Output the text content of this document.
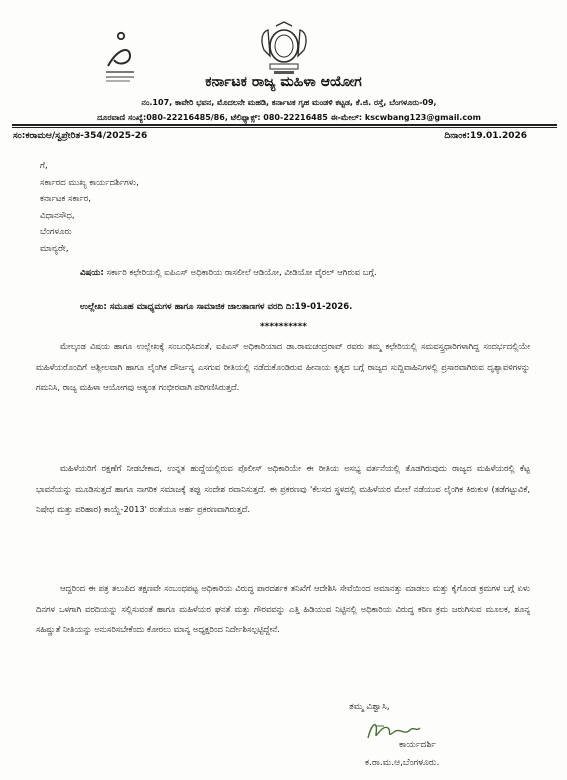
ಕರ್ನಾಟಕ ರಾಜ್ಯ ಮಹಿಳಾ ಆಯೋಗ
ನಂ.107, ಕಾವೇರಿ ಭವನ, ಮೊದಲನೇ ಮಹಡಿ, ಕರ್ನಾಟಕ ಗೃಹ ಮಂಡಳಿ ಕಟ್ಟಡ, ಕೆ.ಜಿ. ರಸ್ತೆ, ಬೆಂಗಳೂರು-09,
ದೂರವಾಣಿ ಸಂಖ್ಯೆ:080-22216485/86, ಟೆಲಿಫ್ಯಾಕ್ಸ್: 080-22216485 ಈ-ಮೇಲ್: kscwbang123@gmail.com
ಸಂ:ಕರಾಮಆ/ಸ್ವಪ್ರೇರಿತ-354/2025-26	ದಿನಾಂಕ:19.01.2026
ಗೆ,
ಸರ್ಕಾರದ ಮುಖ್ಯ ಕಾರ್ಯದರ್ಶಿಗಳು,
ಕರ್ನಾಟಕ ಸರ್ಕಾರ,
ವಿಧಾನಸೌಧ,
ಬೆಂಗಳೂರು
ಮಾನ್ಯರೇ,
ವಿಷಯ: ಸರ್ಕಾರಿ ಕಛೇರಿಯಲ್ಲಿ ಐಪಿಎಸ್ ಅಧಿಕಾರಿಯ ರಾಸಲೀಲೆ ಆಡಿಯೋ, ವೀಡಿಯೋ ವೈರಲ್ ಆಗಿರುವ ಬಗ್ಗೆ.
ಉಲ್ಲೇಖ: ಸಮೂಹ ಮಾಧ್ಯಮಗಳ ಹಾಗೂ ಸಾಮಾಜಿಕ ಜಾಲತಾಣಗಳ ವರದಿ ದಿ:19-01-2026.
**********
ಮೇಲ್ಕಂಡ ವಿಷಯ ಹಾಗೂ ಉಲ್ಲೇಖಕ್ಕೆ ಸಂಬಂಧಿಸಿದಂತೆ, ಐಪಿಎಸ್ ಅಧಿಕಾರಿಯಾದ ಡಾ.ರಾಮಚಂದ್ರರಾವ್ ರವರು ತಮ್ಮ ಕಛೇರಿಯಲ್ಲಿ ಸಮವಸ್ತ್ರಧಾರಿಗಳಾಗಿದ್ದ ಸಂದರ್ಭದಲ್ಲಿಯೇ ಮಹಿಳೆಯರೊಂದಿಗೆ ಅಶ್ಲೀಲವಾಗಿ ಹಾಗೂ ಲೈಂಗಿಕ ದೌರ್ಜನ್ಯ ಎಸಗುವ ರೀತಿಯಲ್ಲಿ ನಡೆದುಕೊಂಡಿರುವ ಹೀನಾಯ ಕೃತ್ಯದ ಬಗ್ಗೆ ರಾಜ್ಯದ ಸುದ್ದಿವಾಹಿನಿಗಳಲ್ಲಿ ಪ್ರಸಾರವಾಗಿರುವ ದೃಶ್ಯಾವಳಿಗಳನ್ನು ಗಮನಿಸಿ, ರಾಜ್ಯ ಮಹಿಳಾ ಆಯೋಗವು ಅತ್ಯಂತ ಗಂಭೀರವಾಗಿ ಪರಿಗಣಿಸಿರುತ್ತದೆ.
ಮಹಿಳೆಯರಿಗೆ ರಕ್ಷಣೆಗೆ ನೀಡಬೇಕಾದ, ಉನ್ನತ ಹುದ್ದೆಯಲ್ಲಿರುವ ಪೊಲೀಸ್ ಅಧಿಕಾರಿಯೇ ಈ ರೀತಿಯ ಅಸಭ್ಯ ವರ್ತನೆಯಲ್ಲಿ ತೊಡಗಿರುವುದು ರಾಜ್ಯದ ಮಹಿಳೆಯರಲ್ಲಿ ಕೆಟ್ಟ ಭಾವನೆಯನ್ನು ಮೂಡಿಸುತ್ತದೆ ಹಾಗೂ ನಾಗರಿಕ ಸಮಾಜಕ್ಕೆ ತಪ್ಪು ಸಂದೇಶ ರವಾನಿಸುತ್ತದೆ. ಈ ಪ್ರಕರಣವು 'ಕೆಲಸದ ಸ್ಥಳದಲ್ಲಿ ಮಹಿಳೆಯರ ಮೇಲೆ ನಡೆಯುವ ಲೈಂಗಿಕ ಕಿರುಕುಳ (ತಡೆಗಟ್ಟುವಿಕೆ, ನಿಷೇಧ ಮತ್ತು ಪರಿಹಾರ) ಕಾಯ್ದೆ-2013' ರಂತೆಯೂ ಅರ್ಹ ಪ್ರಕರಣವಾಗಿರುತ್ತದೆ.
ಆದ್ದರಿಂದ ಈ ಪತ್ರ ತಲುಪಿದ ತಕ್ಷಣವೇ ಸಂಬಂಧಪಟ್ಟ ಅಧಿಕಾರಿಯ ವಿರುದ್ಧ ಪಾರದರ್ಶಕ ತನಿಖೆಗೆ ಆದೇಶಿಸಿ ಸೇವೆಯಿಂದ ಅಮಾನತ್ತು ಮಾಡಲು ಮತ್ತು ಕೈಗೊಂಡ ಕ್ರಮಗಳ ಬಗ್ಗೆ ಏಳು ದಿನಗಳ ಒಳಗಾಗಿ ವರದಿಯನ್ನು ಸಲ್ಲಿಸುವಂತೆ ಹಾಗೂ ಮಹಿಳೆಯರ ಘನತೆ ಮತ್ತು ಗೌರವವನ್ನು ಎತ್ತಿ ಹಿಡಿಯುವ ನಿಟ್ಟಿನಲ್ಲಿ ಅಧಿಕಾರಿಯ ವಿರುದ್ಧ ಕಠಿಣ ಕ್ರಮ ಜರುಗಿಸುವ ಮೂಲಕ, ಶೂನ್ಯ ಸಹಿಷ್ಣುತೆ ನೀತಿಯನ್ನು ಅನುಸರಿಸಬೇಕೆಂದು ಕೋರಲು ಮಾನ್ಯ ಅಧ್ಯಕ್ಷರಿಂದ ನಿರ್ದೇಶಿಸಲ್ಪಟ್ಟಿದ್ದೇನೆ.
ತಮ್ಮ ವಿಶ್ವಾಸಿ,
ಕಾರ್ಯದರ್ಶಿ
ಕ.ರಾ.ಮ.ಆ,ಬೆಂಗಳೂರು.
